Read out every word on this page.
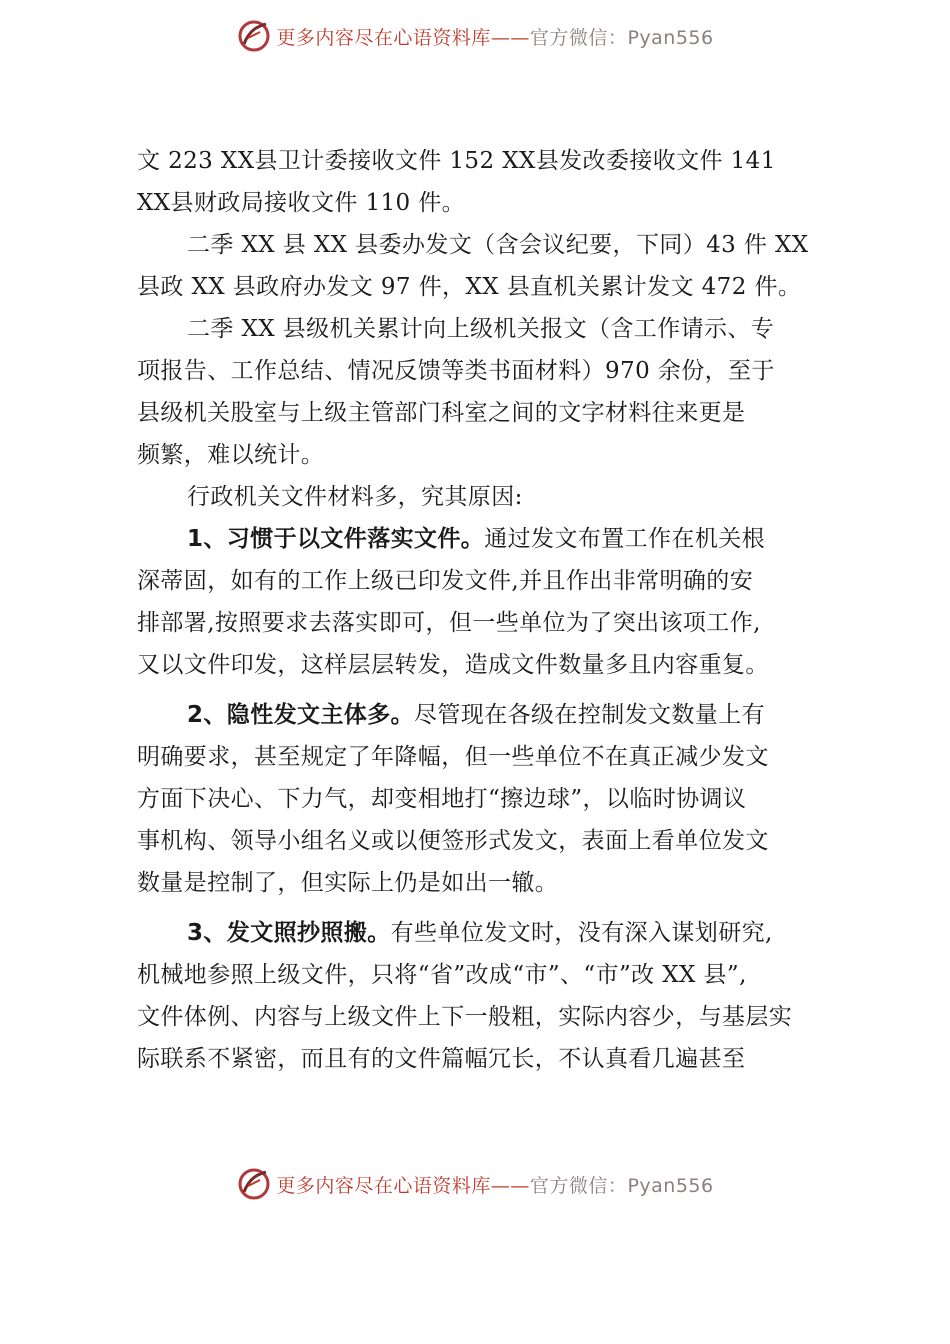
更多内容尽在心语资料库——官方微信：Pyan556
文 223 XX县卫计委接收文件 152 XX县发改委接收文件 141
XX县财政局接收文件 110 件。
二季 XX 县 XX 县委办发文（含会议纪要，下同）43 件 XX
县政 XX 县政府办发文 97 件，XX 县直机关累计发文 472 件。
二季 XX 县级机关累计向上级机关报文（含工作请示、专
项报告、工作总结、情况反馈等类书面材料）970 余份，至于
县级机关股室与上级主管部门科室之间的文字材料往来更是
频繁，难以统计。
行政机关文件材料多，究其原因:
1、习惯于以文件落实文件。通过发文布置工作在机关根
深蒂固，如有的工作上级已印发文件,并且作出非常明确的安
排部署,按照要求去落实即可，但一些单位为了突出该项工作,
又以文件印发，这样层层转发，造成文件数量多且内容重复。
2、隐性发文主体多。尽管现在各级在控制发文数量上有
明确要求，甚至规定了年降幅，但一些单位不在真正减少发文
方面下决心、下力气，却变相地打“擦边球”，以临时协调议
事机构、领导小组名义或以便签形式发文，表面上看单位发文
数量是控制了，但实际上仍是如出一辙。
3、发文照抄照搬。有些单位发文时，没有深入谋划研究,
机械地参照上级文件，只将“省”改成“市”、“市”改 XX 县”,
文件体例、内容与上级文件上下一般粗，实际内容少，与基层实
际联系不紧密，而且有的文件篇幅冗长，不认真看几遍甚至
更多内容尽在心语资料库——官方微信：Pyan556
